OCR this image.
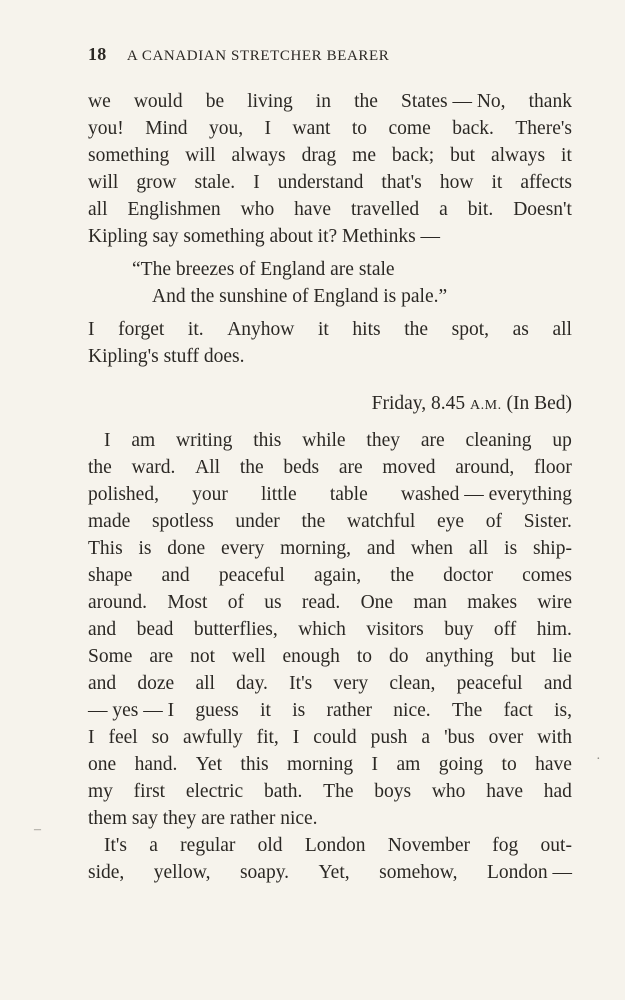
18 A CANADIAN STRETCHER BEARER
we would be living in the States — No, thank
you! Mind you, I want to come back. There's
something will always drag me back; but always it
will grow stale. I understand that's how it affects
all Englishmen who have travelled a bit. Doesn't
Kipling say something about it? Methinks —
“The breezes of England are stale
And the sunshine of England is pale.”
I forget it. Anyhow it hits the spot, as all
Kipling's stuff does.
Friday, 8.45 A.M. (In Bed)
I am writing this while they are cleaning up
the ward. All the beds are moved around, floor
polished, your little table washed — everything
made spotless under the watchful eye of Sister.
This is done every morning, and when all is ship-
shape and peaceful again, the doctor comes
around. Most of us read. One man makes wire
and bead butterflies, which visitors buy off him.
Some are not well enough to do anything but lie
and doze all day. It's very clean, peaceful and
— yes — I guess it is rather nice. The fact is,
I feel so awfully fit, I could push a 'bus over with
one hand. Yet this morning I am going to have
my first electric bath. The boys who have had
them say they are rather nice.
It's a regular old London November fog out-
side, yellow, soapy. Yet, somehow, London —
–
·
